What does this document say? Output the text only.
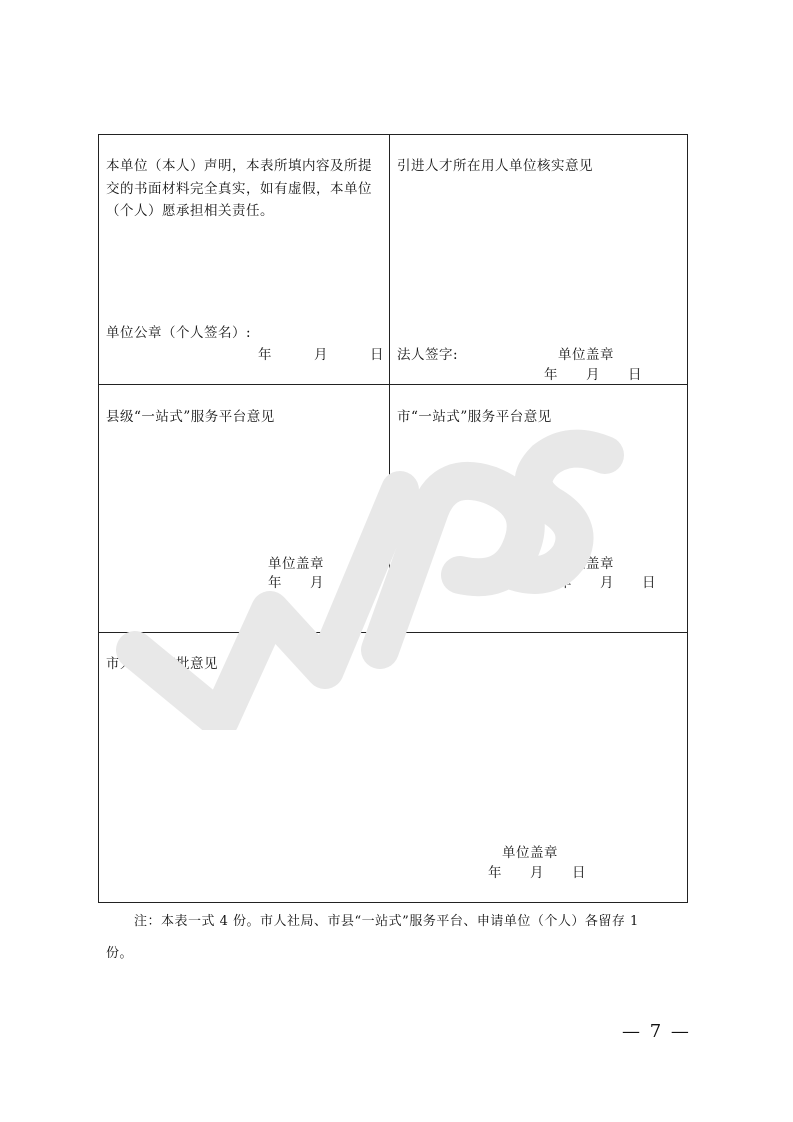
本单位（本人）声明，本表所填内容及所提
交的书面材料完全真实，如有虚假，本单位
（个人）愿承担相关责任。
单位公章（个人签名）:
年　　　月　　　日
引进人才所在用人单位核实意见
法人签字:	单位盖章
年　　月　　日
县级“一站式”服务平台意见
单位盖章
年　　月　　日
市“一站式”服务平台意见
单位盖章
年　　月　　日
市人社局审批意见
单位盖章
年　　月　　日
注：本表一式 4 份。市人社局、市县“一站式”服务平台、申请单位（个人）各留存 1
份。
— 7 —
